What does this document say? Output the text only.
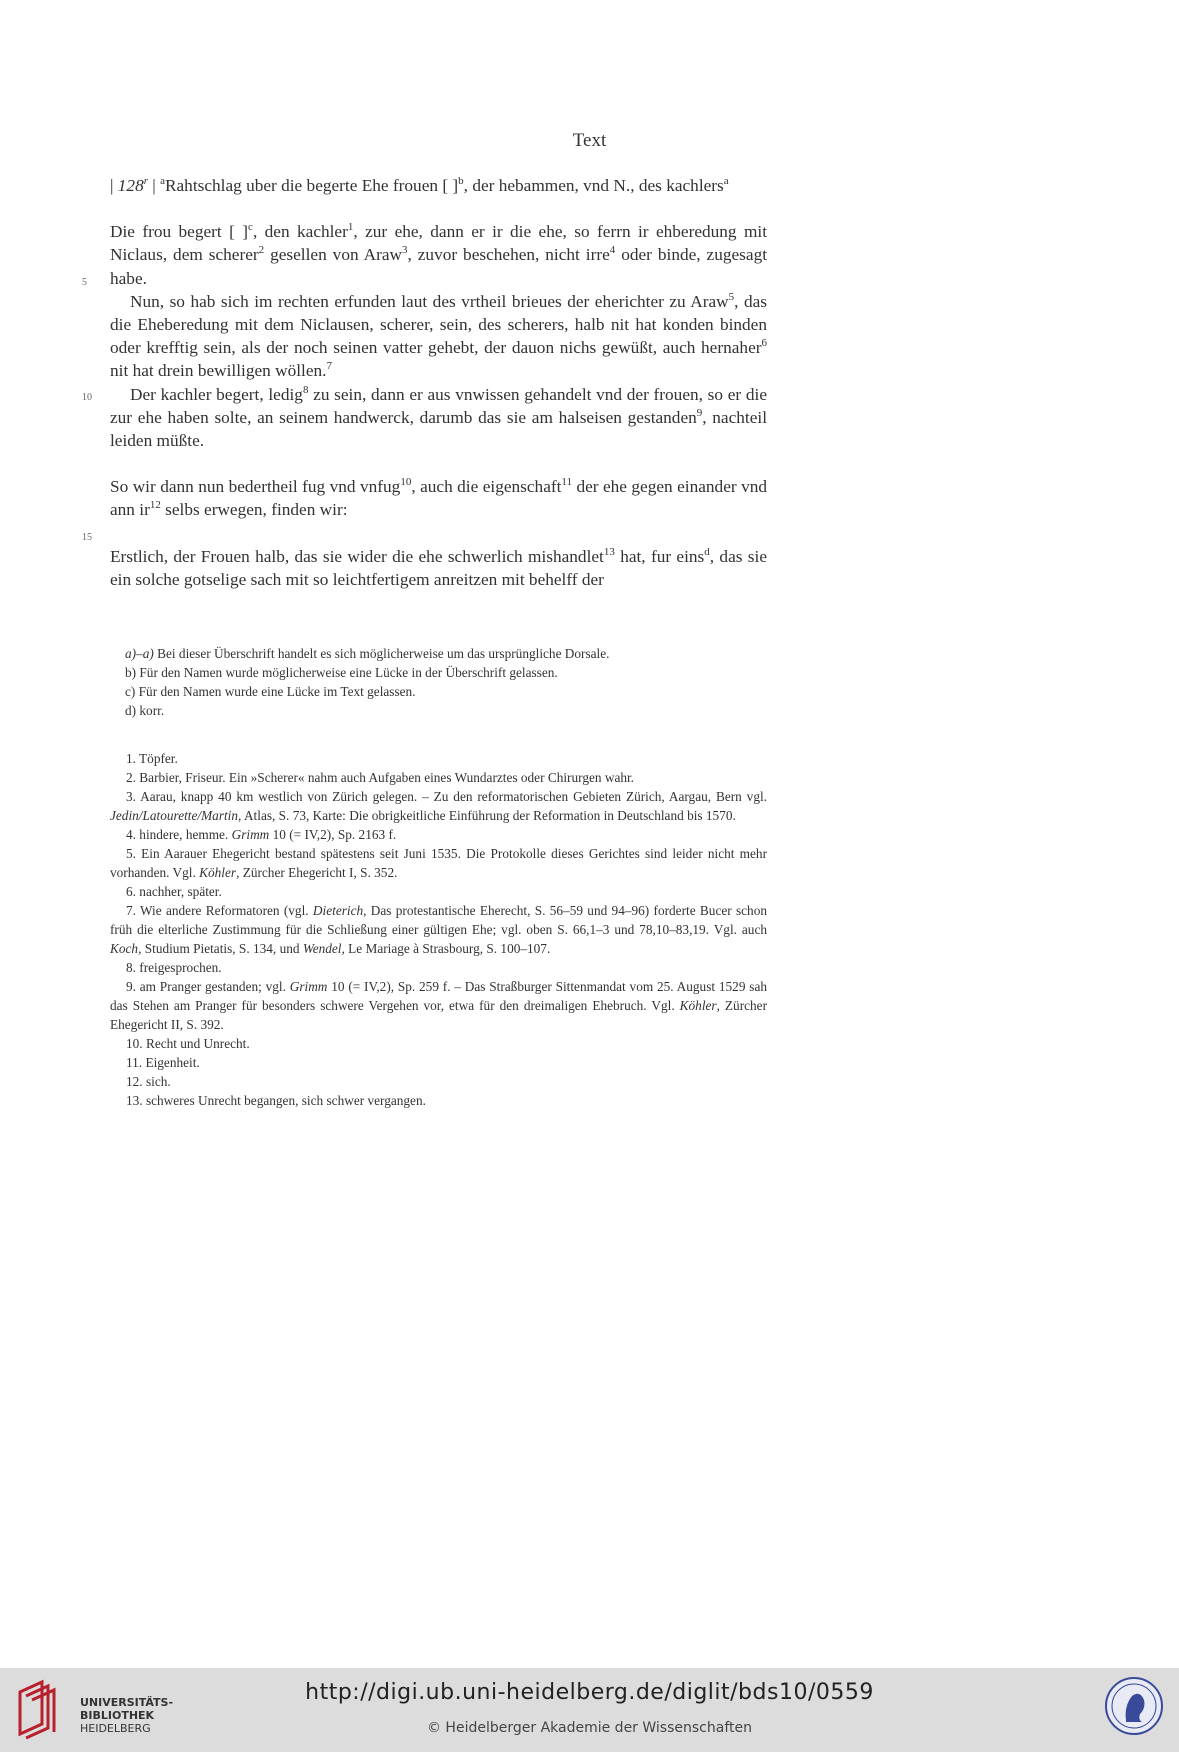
Text
5
10
15

| 128$^r$ | $^a$Rahtschlag uber die begerte Ehe frouen [ ]$^b$, der hebammen, vnd N., des kachlers$^a$

Die frou begert [ ]$^c$, den kachler$^1$, zur ehe, dann er ir die ehe, so ferrn ir ehberedung mit Niclaus, dem scherer$^2$ gesellen von Araw$^3$, zuvor beschehen, nicht irre$^4$ oder binde, zugesagt habe.

Nun, so hab sich im rechten erfunden laut des vrtheil brieues der eherichter zu Araw$^5$, das die Eheberedung mit dem Niclausen, scherer, sein, des scherers, halb nit hat konden binden oder krefftig sein, als der noch seinen vatter gehebt, der dauon nichs gewüßt, auch hernaher$^6$ nit hat drein bewilligen wöllen.$^7$

Der kachler begert, ledig$^8$ zu sein, dann er aus vnwissen gehandelt vnd der frouen, so er die zur ehe haben solte, an seinem handwerck, darumb das sie am halseisen gestanden$^9$, nachteil leiden müßte.

So wir dann nun bedertheil fug vnd vnfug$^{10}$, auch die eigenschaft$^{11}$ der ehe gegen einander vnd ann $ir^{12}$ selbs erwegen, finden wir:

Erstlich, der Frouen halb, das sie wider die ehe schwerlich mishandlet$^{13}$ hat, fur eins$^d$, das sie ein solche gotselige sach mit so leichtfertigem anreitzen mit behelff der

a)–a) Bei dieser Überschrift handelt es sich möglicherweise um das ursprüngliche Dorsale.

b) Für den Namen wurde möglicherweise eine Lücke in der Überschrift gelassen.

c) Für den Namen wurde eine Lücke im Text gelassen.

d) korr.

1. Töpfer.

2. Barbier, Friseur. Ein »Scherer« nahm auch Aufgaben eines Wundarztes oder Chirurgen wahr.

3. Aarau, knapp 40 km westlich von Zürich gelegen. – Zu den reformatorischen Gebieten Zürich, Aargau, Bern vgl. Jedin/Latourette/Martin, Atlas, S. 73, Karte: Die obrigkeitliche Einführung der Reformation in Deutschland bis 1570.

4. hindere, hemme. Grimm 10 (= IV,2), Sp. 2163 f.

5. Ein Aarauer Ehegericht bestand spätestens seit Juni 1535. Die Protokolle dieses Gerichtes sind leider nicht mehr vorhanden. Vgl. Köhler, Zürcher Ehegericht I, S. 352.

6. nachher, später.

7. Wie andere Reformatoren (vgl. Dieterich, Das protestantische Eherecht, S. 56–59 und 94–96) forderte Bucer schon früh die elterliche Zustimmung für die Schließung einer gültigen Ehe; vgl. oben S. 66,1–3 und 78,10–83,19. Vgl. auch Koch, Studium Pietatis, S. 134, und Wendel, Le Mariage à Strasbourg, S. 100–107.

8. freigesprochen.

9. am Pranger gestanden; vgl. Grimm 10 (= IV,2), Sp. 259 f. – Das Straßburger Sittenmandat vom 25. August 1529 sah das Stehen am Pranger für besonders schwere Vergehen vor, etwa für den dreimaligen Ehebruch. Vgl. Köhler, Zürcher Ehegericht II, S. 392.

10. Recht und Unrecht.

11. Eigenheit.

12. sich.

13. schweres Unrecht begangen, sich schwer vergangen.

UNIVERSITÄTS-
BIBLIOTHEK
HEIDELBERG
http://digi.ub.uni-heidelberg.de/diglit/bds10/0559
© Heidelberger Akademie der Wissenschaften
